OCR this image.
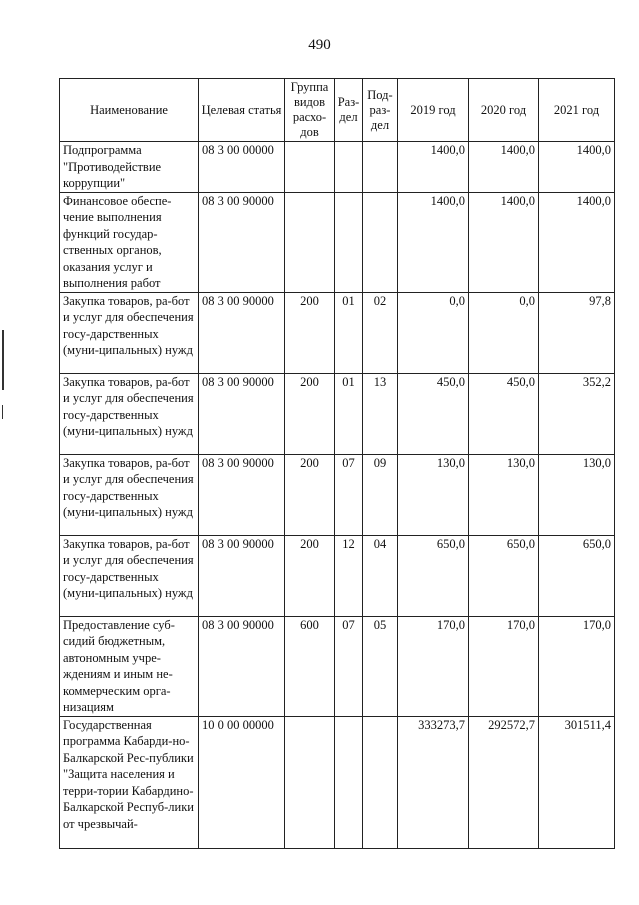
490
Наименование	Целевая статья	Группа видов расхо-дов	Раз-дел	Под-раз-дел	2019 год	2020 год	2021 год
Подпрограмма "Противодействие коррупции"	08 3 00 00000				1400,0	1400,0	1400,0
Финансовое обеспе-чение выполнения функций государ-ственных органов, оказания услуг и выполнения работ	08 3 00 90000				1400,0	1400,0	1400,0
Закупка товаров, ра-бот и услуг для обеспечения госу-дарственных (муни-ципальных) нужд	08 3 00 90000	200	01	02	0,0	0,0	97,8
Закупка товаров, ра-бот и услуг для обеспечения госу-дарственных (муни-ципальных) нужд	08 3 00 90000	200	01	13	450,0	450,0	352,2
Закупка товаров, ра-бот и услуг для обеспечения госу-дарственных (муни-ципальных) нужд	08 3 00 90000	200	07	09	130,0	130,0	130,0
Закупка товаров, ра-бот и услуг для обеспечения госу-дарственных (муни-ципальных) нужд	08 3 00 90000	200	12	04	650,0	650,0	650,0
Предоставление суб-сидий бюджетным, автономным учре-ждениям и иным не-коммерческим орга-низациям	08 3 00 90000	600	07	05	170,0	170,0	170,0
Государственная программа Кабарди-но-Балкарской Рес-публики "Защита населения и терри-тории Кабардино-Балкарской Респуб-лики от чрезвычай-	10 0 00 00000				333273,7	292572,7	301511,4
